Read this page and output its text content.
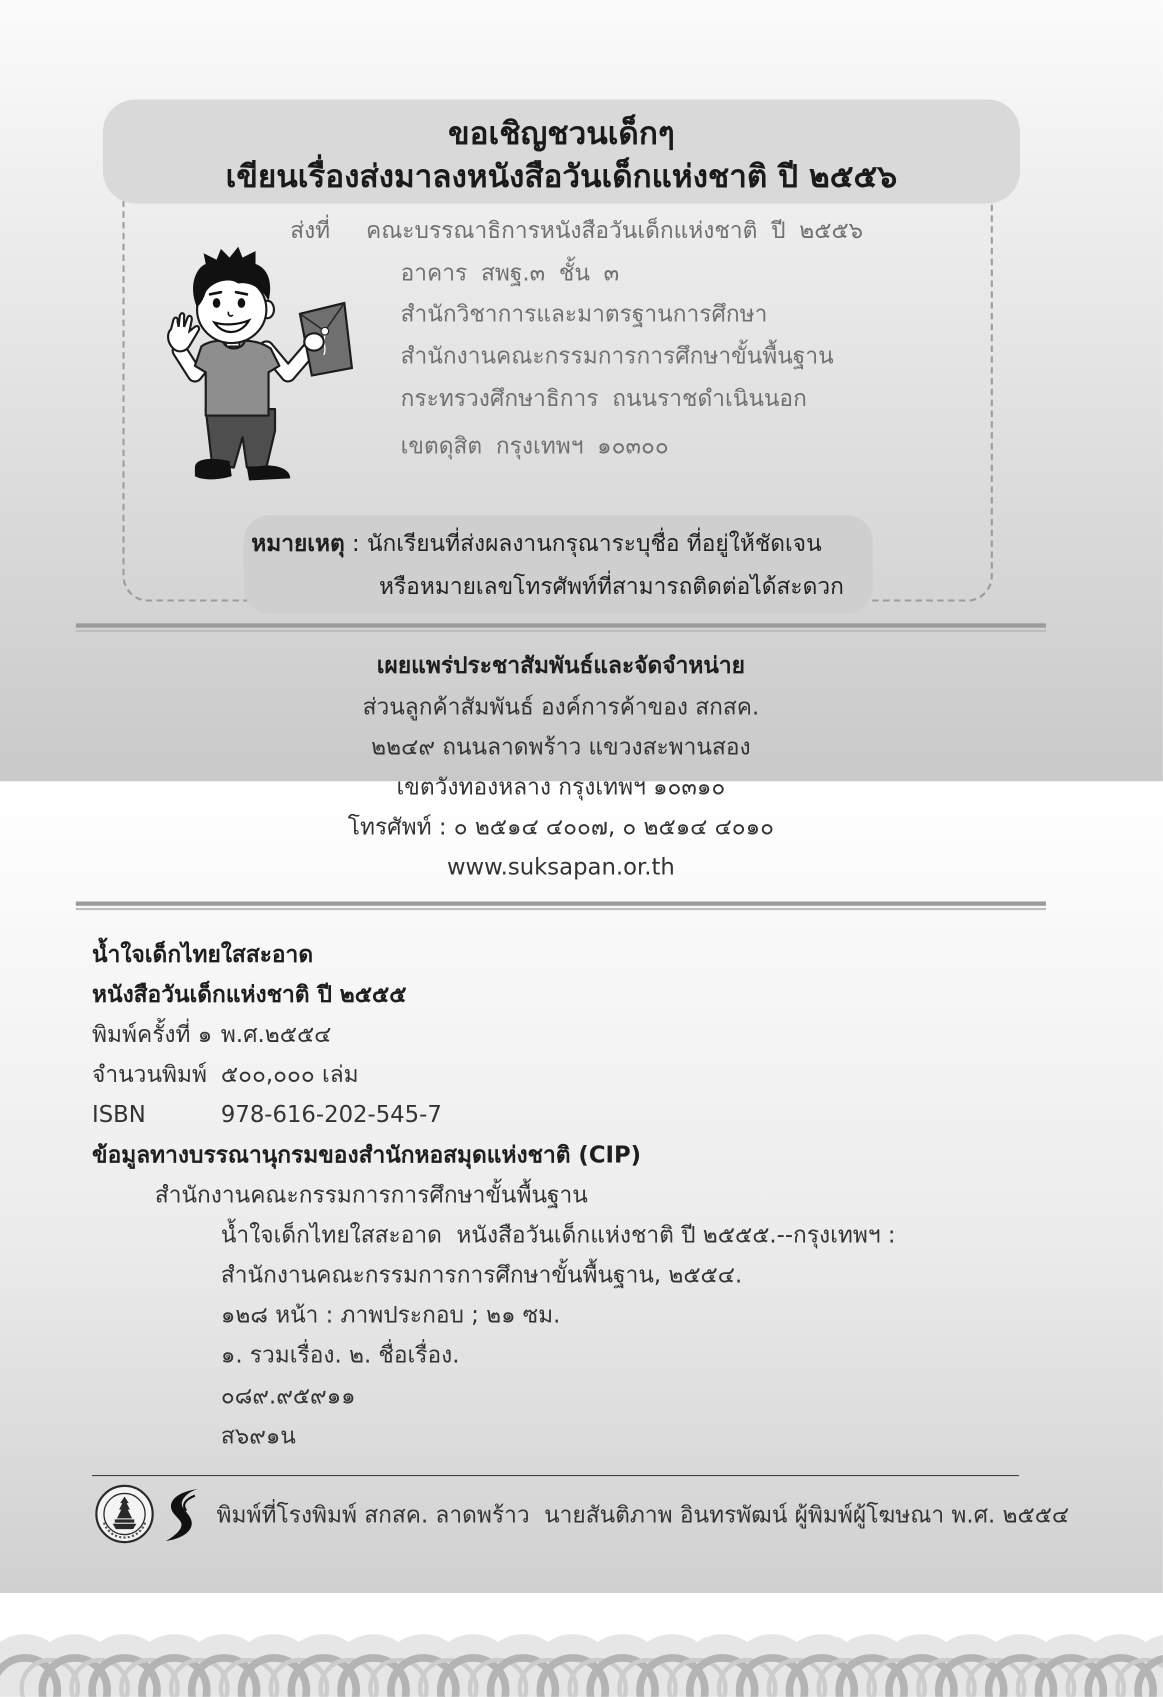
ขอเชิญชวนเด็กๆ
เขียนเรื่องส่งมาลงหนังสือวันเด็กแห่งชาติ ปี ๒๕๕๖
ส่งที่ คณะบรรณาธิการหนังสือวันเด็กแห่งชาติ ปี ๒๕๕๖
อาคาร สพฐ.๓ ชั้น ๓
สำนักวิชาการและมาตรฐานการศึกษา
สำนักงานคณะกรรมการการศึกษาขั้นพื้นฐาน
กระทรวงศึกษาธิการ ถนนราชดำเนินนอก
เขตดุสิต กรุงเทพฯ ๑๐๓๐๐
หมายเหตุ : นักเรียนที่ส่งผลงานกรุณาระบุชื่อ ที่อยู่ให้ชัดเจน
หรือหมายเลขโทรศัพท์ที่สามารถติดต่อได้สะดวก
เผยแพร่ประชาสัมพันธ์และจัดจำหน่าย
ส่วนลูกค้าสัมพันธ์ องค์การค้าของ สกสค.
๒๒๔๙ ถนนลาดพร้าว แขวงสะพานสอง
เขตวังทองหลาง กรุงเทพฯ ๑๐๓๑๐
โทรศัพท์ : ๐ ๒๕๑๔ ๔๐๐๗, ๐ ๒๕๑๔ ๔๐๑๐
www.suksapan.or.th
น้ำใจเด็กไทยใสสะอาด
หนังสือวันเด็กแห่งชาติ ปี ๒๕๕๕
พิมพ์ครั้งที่ ๑ พ.ศ.๒๕๕๔
จำนวนพิมพ์ ๕๐๐,๐๐๐ เล่ม
ISBN	978-616-202-545-7
ข้อมูลทางบรรณานุกรมของสำนักหอสมุดแห่งชาติ (CIP)
สำนักงานคณะกรรมการการศึกษาขั้นพื้นฐาน
น้ำใจเด็กไทยใสสะอาด  หนังสือวันเด็กแห่งชาติ ปี ๒๕๕๕.--กรุงเทพฯ :
สำนักงานคณะกรรมการการศึกษาขั้นพื้นฐาน, ๒๕๕๔.
๑๒๘ หน้า : ภาพประกอบ ; ๒๑ ซม.
๑. รวมเรื่อง. ๒. ชื่อเรื่อง.
๐๘๙.๙๕๙๑๑
ส๖๙๑น
พิมพ์ที่โรงพิมพ์ สกสค. ลาดพร้าว  นายสันติภาพ อินทรพัฒน์ ผู้พิมพ์ผู้โฆษณา พ.ศ. ๒๕๕๔
